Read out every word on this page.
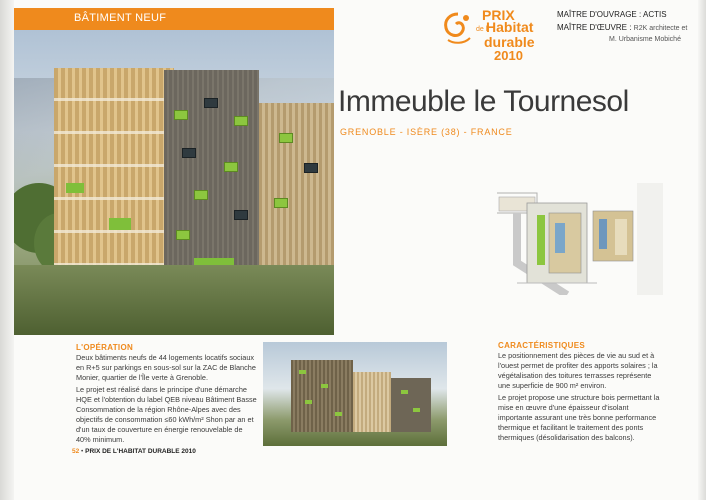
BÂTIMENT NEUF	PRIX
de l'
Habitat
durable
2010
MAÎTRE D'OUVRAGE : ACTIS
MAÎTRE D'ŒUVRE : R2K architecte et
M. Urbanisme Mobiché
Immeuble le Tournesol
GRENOBLE - ISÈRE (38) - FRANCE
L'OPÉRATION

Deux bâtiments neufs de 44 logements locatifs sociaux en R+5 sur parkings en sous-sol sur la ZAC de Blanche Monier, quartier de l'Île verte à Grenoble.

Le projet est réalisé dans le principe d'une démarche HQE et l'obtention du label QEB niveau Bâtiment Basse Consommation de la région Rhône-Alpes avec des objectifs de consommation ≤60 kWh/m² Shon par an et d'un taux de couverture en énergie renouvelable de 40% minimum.

CARACTÉRISTIQUES

Le positionnement des pièces de vie au sud et à l'ouest permet de profiter des apports solaires ; la végétalisation des toitures terrasses représente une superficie de 900 m² environ.

Le projet propose une structure bois permettant la mise en œuvre d'une épaisseur d'isolant importante assurant une très bonne performance thermique et facilitant le traitement des ponts thermiques (désolidarisation des balcons).

52 • PRIX DE L'HABITAT DURABLE 2010
